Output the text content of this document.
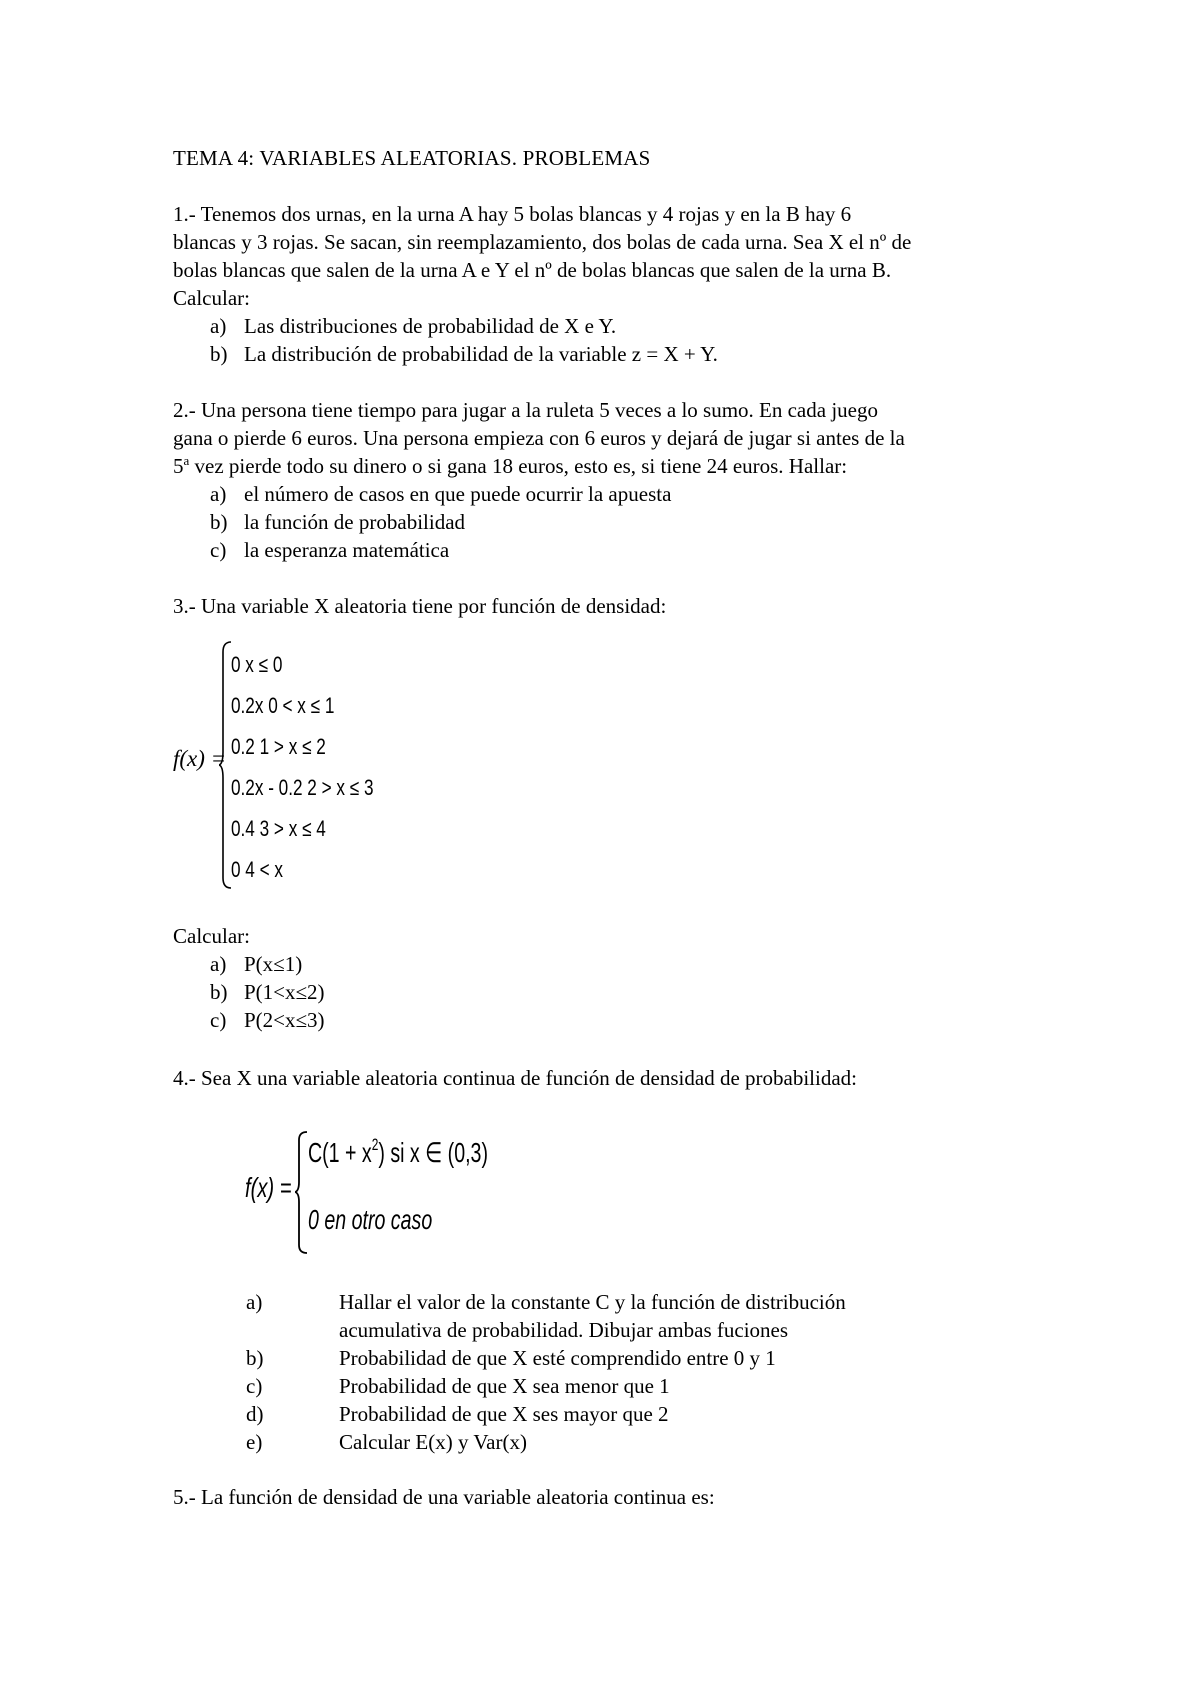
TEMA 4: VARIABLES ALEATORIAS. PROBLEMAS
1.- Tenemos dos urnas, en la urna A hay 5 bolas blancas y 4 rojas y en la B hay 6
blancas y 3 rojas. Se sacan, sin reemplazamiento, dos bolas de cada urna. Sea X el nº de
bolas blancas que salen de la urna A e Y el nº de bolas blancas que salen de la urna B.
Calcular:
a) Las distribuciones de probabilidad de X e Y.
b) La distribución de probabilidad de la variable z = X + Y.
2.- Una persona tiene tiempo para jugar a la ruleta 5 veces a lo sumo. En cada juego
gana o pierde 6 euros. Una persona empieza con 6 euros y dejará de jugar si antes de la
5$^a$ vez pierde todo su dinero o si gana 18 euros, esto es, si tiene 24 euros. Hallar:
a) el número de casos en que puede ocurrir la apuesta
b) la función de probabilidad
c) la esperanza matemática
3.- Una variable X aleatoria tiene por función de densidad:
f(x) =
0 x ≤ 0
0.2x 0 < x ≤ 1
0.2 1 > x ≤ 2
0.2x - 0.2 2 > x ≤ 3
0.4 3 > x ≤ 4
0 4 < x
Calcular:
a) P(x≤1)
b) P(1<x≤2)
c) P(2<x≤3)
4.- Sea X una variable aleatoria continua de función de densidad de probabilidad:
f(x) =
$C(1 + x^2)$ si x ∈ (0,3)
0 en otro caso
a)	Hallar el valor de la constante C y la función de distribución
acumulativa de probabilidad. Dibujar ambas fuciones
b)	Probabilidad de que X esté comprendido entre 0 y 1
c)	Probabilidad de que X sea menor que 1
d)	Probabilidad de que X ses mayor que 2
e)	Calcular E(x) y Var(x)
5.- La función de densidad de una variable aleatoria continua es:
